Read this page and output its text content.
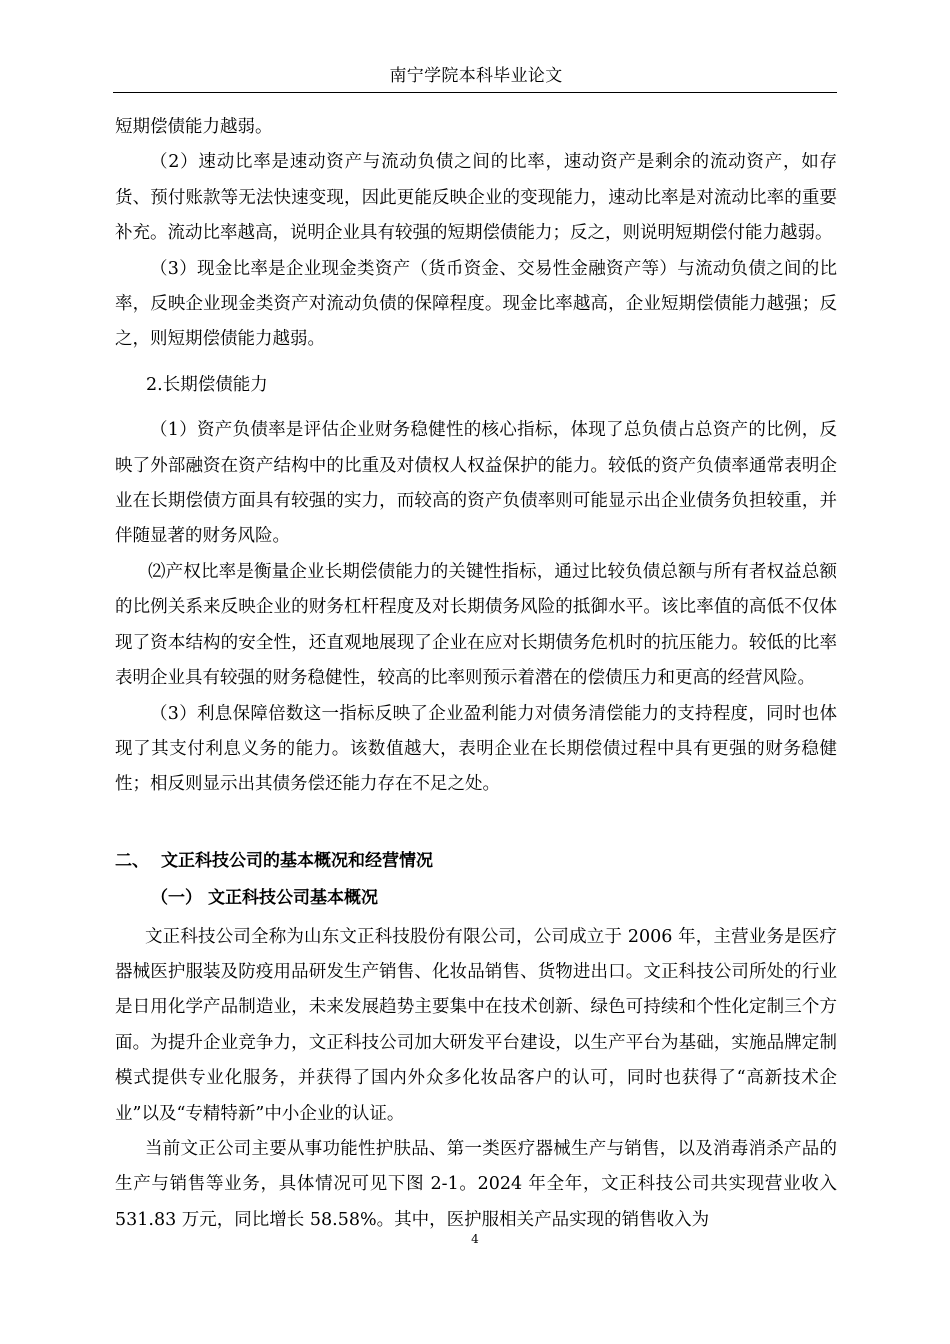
南宁学院本科毕业论文

短期偿债能力越弱。

（2）速动比率是速动资产与流动负债之间的比率，速动资产是剩余的流动资产，如存货、预付账款等无法快速变现，因此更能反映企业的变现能力，速动比率是对流动比率的重要补充。流动比率越高，说明企业具有较强的短期偿债能力；反之，则说明短期偿付能力越弱。

（3）现金比率是企业现金类资产（货币资金、交易性金融资产等）与流动负债之间的比率，反映企业现金类资产对流动负债的保障程度。现金比率越高，企业短期偿债能力越强；反之，则短期偿债能力越弱。

2.长期偿债能力

（1）资产负债率是评估企业财务稳健性的核心指标，体现了总负债占总资产的比例，反映了外部融资在资产结构中的比重及对债权人权益保护的能力。较低的资产负债率通常表明企业在长期偿债方面具有较强的实力，而较高的资产负债率则可能显示出企业债务负担较重，并伴随显著的财务风险。

⑵产权比率是衡量企业长期偿债能力的关键性指标，通过比较负债总额与所有者权益总额的比例关系来反映企业的财务杠杆程度及对长期债务风险的抵御水平。该比率值的高低不仅体现了资本结构的安全性，还直观地展现了企业在应对长期债务危机时的抗压能力。较低的比率表明企业具有较强的财务稳健性，较高的比率则预示着潜在的偿债压力和更高的经营风险。

（3）利息保障倍数这一指标反映了企业盈利能力对债务清偿能力的支持程度，同时也体现了其支付利息义务的能力。该数值越大，表明企业在长期偿债过程中具有更强的财务稳健性；相反则显示出其债务偿还能力存在不足之处。

二、 文正科技公司的基本概况和经营情况

（一） 文正科技公司基本概况

文正科技公司全称为山东文正科技股份有限公司，公司成立于 2006 年，主营业务是医疗器械医护服装及防疫用品研发生产销售、化妆品销售、货物进出口。文正科技公司所处的行业是日用化学产品制造业，未来发展趋势主要集中在技术创新、绿色可持续和个性化定制三个方面。为提升企业竞争力，文正科技公司加大研发平台建设，以生产平台为基础，实施品牌定制模式提供专业化服务，并获得了国内外众多化妆品客户的认可，同时也获得了“高新技术企业”以及“专精特新”中小企业的认证。

当前文正公司主要从事功能性护肤品、第一类医疗器械生产与销售，以及消毒消杀产品的生产与销售等业务，具体情况可见下图 2-1。2024 年全年，文正科技公司共实现营业收入 531.83 万元，同比增长 58.58%。其中，医护服相关产品实现的销售收入为

4
